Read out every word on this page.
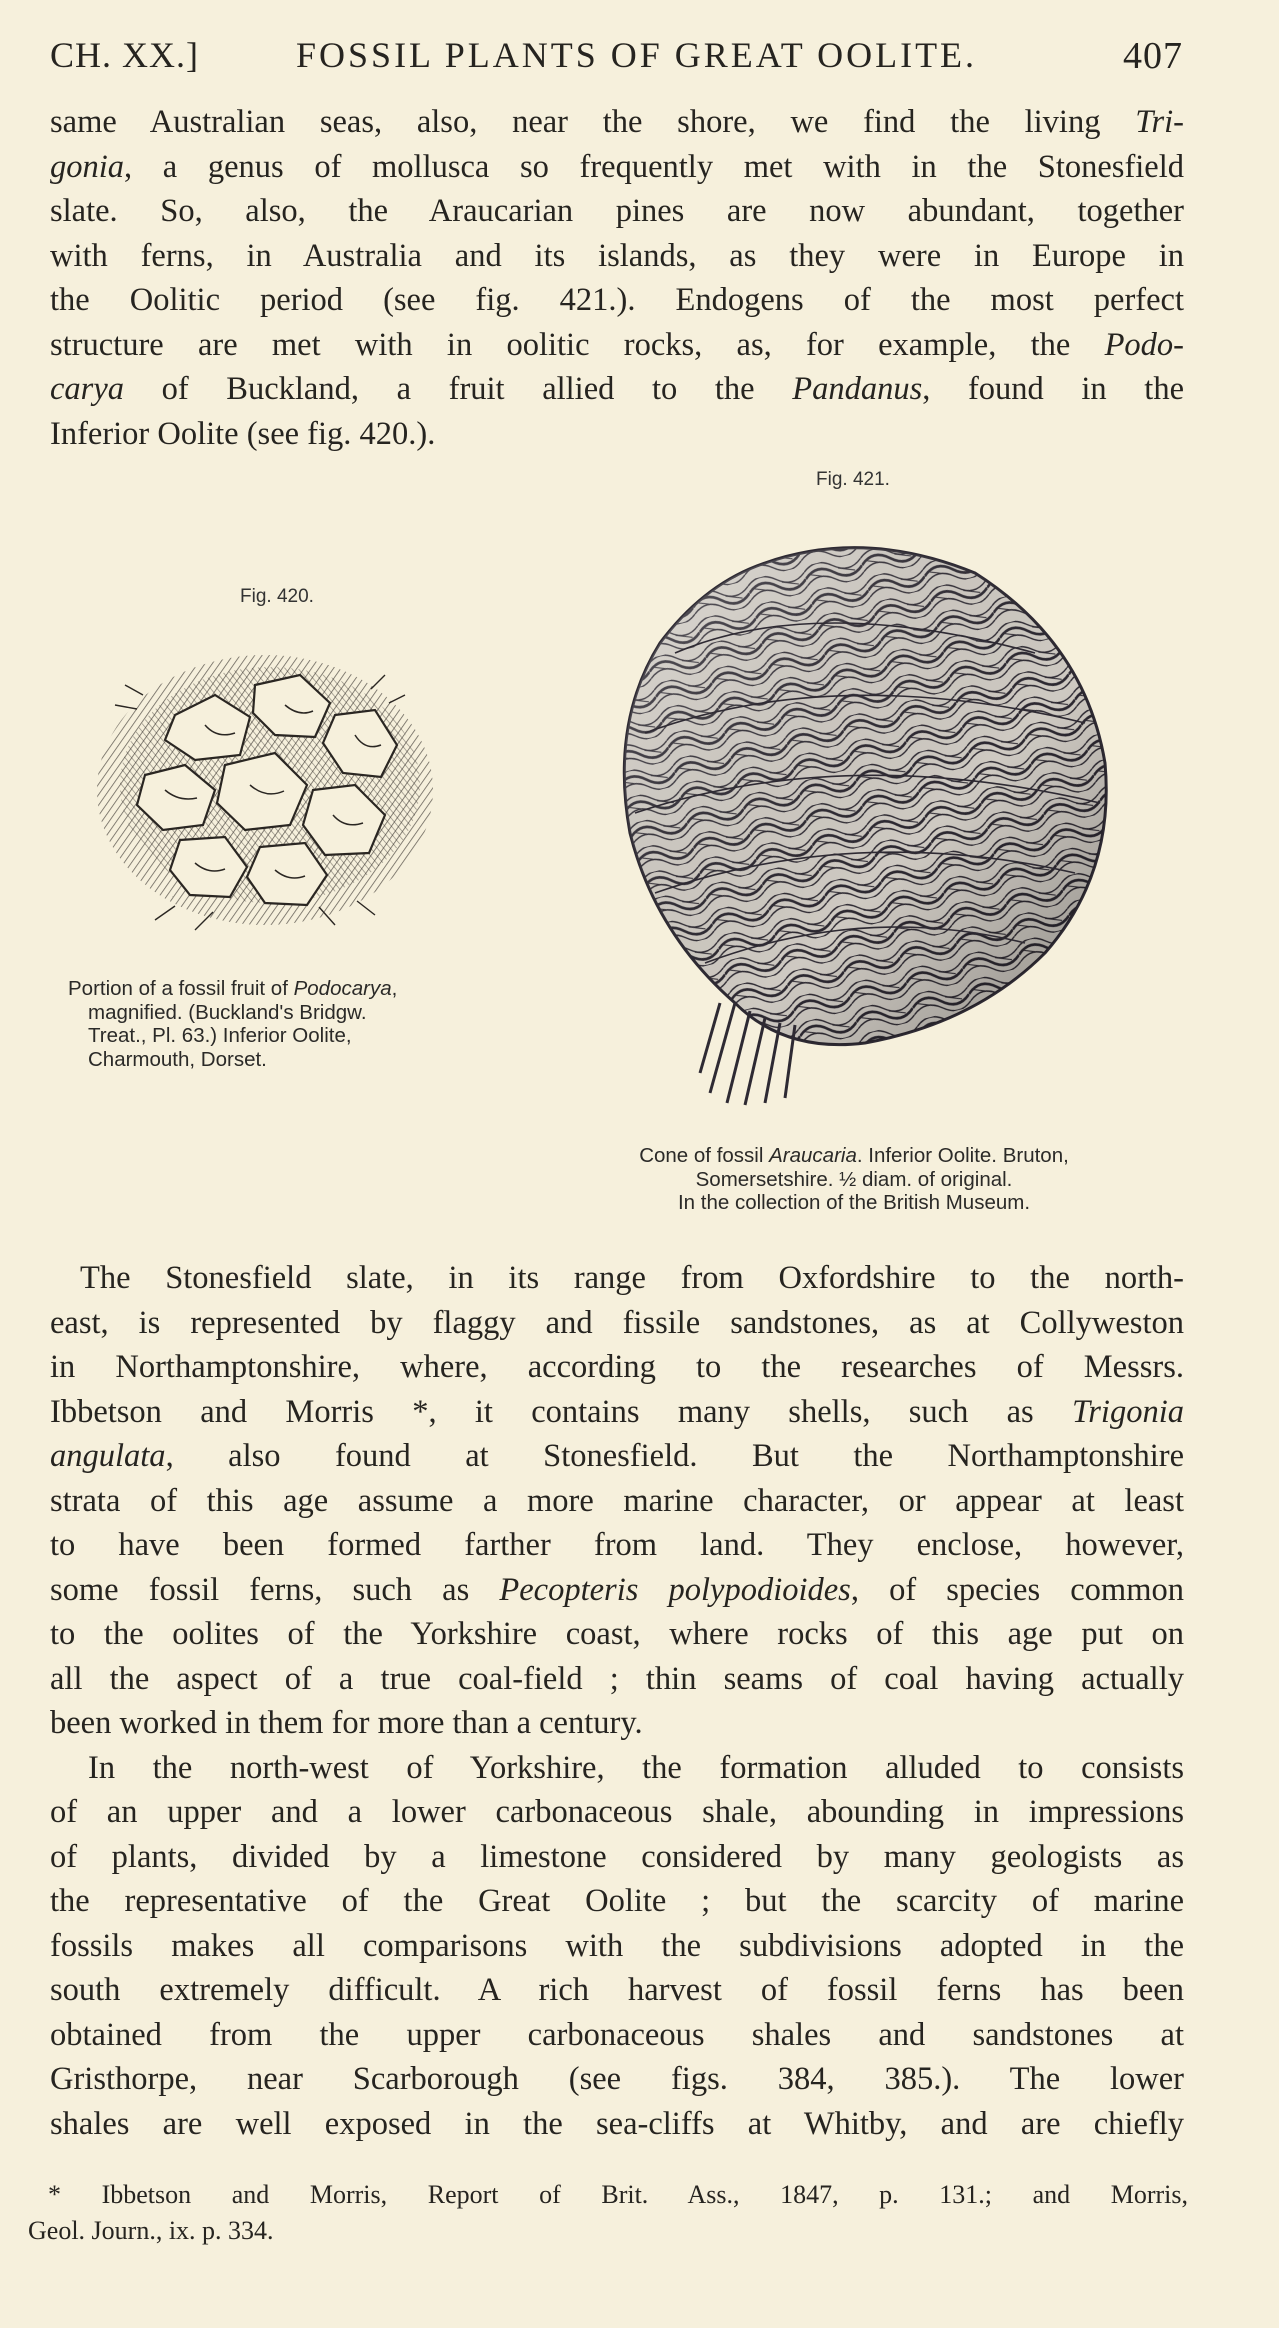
CH. XX.]	FOSSIL PLANTS OF GREAT OOLITE.	407
same Australian seas, also, near the shore, we find the living Tri-
gonia, a genus of mollusca so frequently met with in the Stonesfield
slate. So, also, the Araucarian pines are now abundant, together
with ferns, in Australia and its islands, as they were in Europe in
the Oolitic period (see fig. 421.). Endogens of the most perfect
structure are met with in oolitic rocks, as, for example, the Podo-
carya of Buckland, a fruit allied to the Pandanus, found in the
Inferior Oolite (see fig. 420.).
Fig. 421.
Fig. 420.
Portion of a fossil fruit of Podocarya,
magnified. (Buckland's Bridgw.
Treat., Pl. 63.) Inferior Oolite,
Charmouth, Dorset.
Cone of fossil Araucaria. Inferior Oolite. Bruton,
Somersetshire. ½ diam. of original.
In the collection of the British Museum.
The Stonesfield slate, in its range from Oxfordshire to the north-
east, is represented by flaggy and fissile sandstones, as at Collyweston
in Northamptonshire, where, according to the researches of Messrs.
Ibbetson and Morris *, it contains many shells, such as Trigonia
angulata, also found at Stonesfield. But the Northamptonshire
strata of this age assume a more marine character, or appear at least
to have been formed farther from land. They enclose, however,
some fossil ferns, such as Pecopteris polypodioides, of species common
to the oolites of the Yorkshire coast, where rocks of this age put on
all the aspect of a true coal-field ; thin seams of coal having actually
been worked in them for more than a century.
In the north-west of Yorkshire, the formation alluded to consists
of an upper and a lower carbonaceous shale, abounding in impressions
of plants, divided by a limestone considered by many geologists as
the representative of the Great Oolite ; but the scarcity of marine
fossils makes all comparisons with the subdivisions adopted in the
south extremely difficult. A rich harvest of fossil ferns has been
obtained from the upper carbonaceous shales and sandstones at
Gristhorpe, near Scarborough (see figs. 384, 385.). The lower
shales are well exposed in the sea-cliffs at Whitby, and are chiefly
* Ibbetson and Morris, Report of Brit. Ass., 1847, p. 131.; and Morris,
Geol. Journ., ix. p. 334.
